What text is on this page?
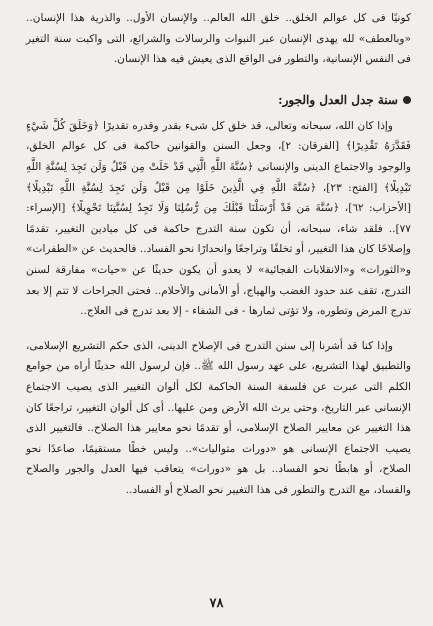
كونيًا فى كل عوالم الخلق.. خلق الله العالم.. والإنسان الأول.. والذرية هذا الإنسان.. «وبالعطف» لله يهدى الإنسان عبر النبوات والرسالات والشرائع، التى واكبت سنة التغير فى النفس الإنسانية، والتطور فى الواقع الذى يعيش فيه هذا الإنسان.

سنة جدل العدل والجور:

وإذا كان الله، سبحانه وتعالى، قد خلق كل شىء بقدر وقدره تقديرًا ﴿وَخَلَقَ كُلَّ شَيْءٍ فَقَدَّرَهُ تَقْدِيرًا﴾ [الفرقان: ٢]، وجعل السنن والقوانين حاكمة فى كل عوالم الخلق، والوجود والاجتماع الدينى والإنسانى ﴿سُنَّةَ اللَّهِ الَّتِي قَدْ خَلَتْ مِن قَبْلُ وَلَن تَجِدَ لِسُنَّةِ اللَّهِ تَبْدِيلًا﴾ [الفتح: ٢٣]، ﴿سُنَّةَ اللَّهِ فِي الَّذِينَ خَلَوْا مِن قَبْلُ وَلَن تَجِدَ لِسُنَّةِ اللَّهِ تَبْدِيلًا﴾ [الأحزاب: ٦٢]، ﴿سُنَّةَ مَن قَدْ أَرْسَلْنَا قَبْلَكَ مِن رُّسُلِنَا وَلَا تَجِدُ لِسُنَّتِنَا تَحْوِيلًا﴾ [الإسراء: ٧٧].. فلقد شاء، سبحانه، أن تكون سنة التدرج حاكمة فى كل ميادين التغيير، تقدمًا وإصلاحًا كان هذا التغيير، أو تخلفًا وتراجعًا وانحدارًا نحو الفساد.. فالحديث عن «الطفرات» و«الثورات» و«الانقلابات الفجائية» لا يعدو أن يكون حديثًا عن «حيات» مفارقة لسنن التدرج، تقف عند حدود الغضب والهياج، أو الأمانى والأحلام.. فحتى الجراحات لا تتم إلا بعد تدرج المرض وتطوره، ولا تؤتى ثمارها - فى الشفاء - إلا بعد تدرج فى العلاج..

وإذا كنا قد أشرنا إلى سنن التدرج فى الإصلاح الدينى، الذى حكم التشريع الإسلامى، والتطبيق لهذا التشريع، على عهد رسول الله ﷺ.. فإن لرسول الله حديثًا أراه من جوامع الكلم التى عبرت عن فلسفة السنة الحاكمة لكل ألوان التغيير الذى يصيب الاجتماع الإنسانى عبر التاريخ، وحتى يرث الله الأرض ومن عليها.. أى كل ألوان التغيير، تراجعًا كان هذا التغيير عن معايير الصلاح الإسلامى، أو تقدمًا نحو معايير هذا الصلاح.. فالتغيير الذى يصيب الاجتماع الإنسانى هو «دورات متواليات».. وليس خطًا مستقيمًا، صاعدًا نحو الصلاح، أو هابطًا نحو الفساد.. بل هو «دورات» يتعاقب فيها العدل والجور والصلاح والفساد، مع التدرج والتطور فى هذا التغيير نحو الصلاح أو الفساد..

٧٨
